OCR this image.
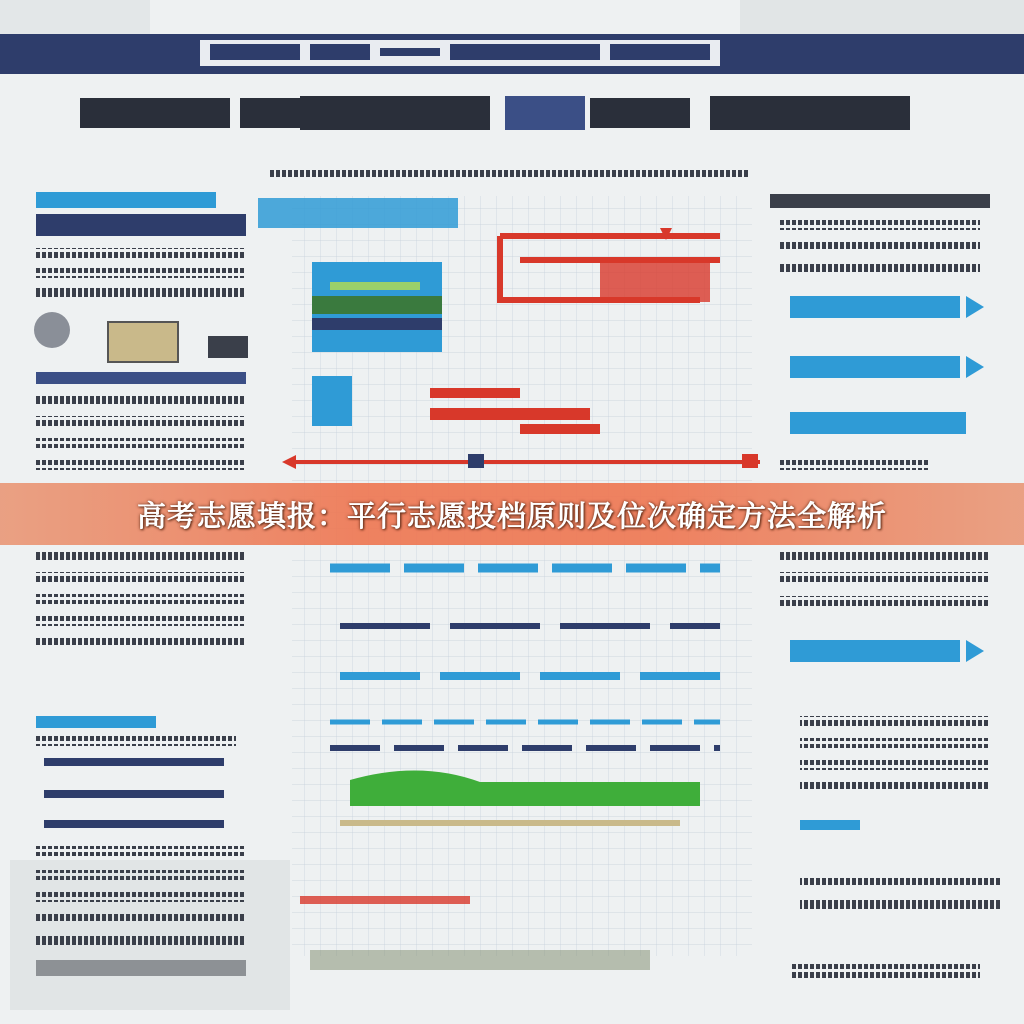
高考志愿填报：平行志愿投档原则及位次确定方法全解析
